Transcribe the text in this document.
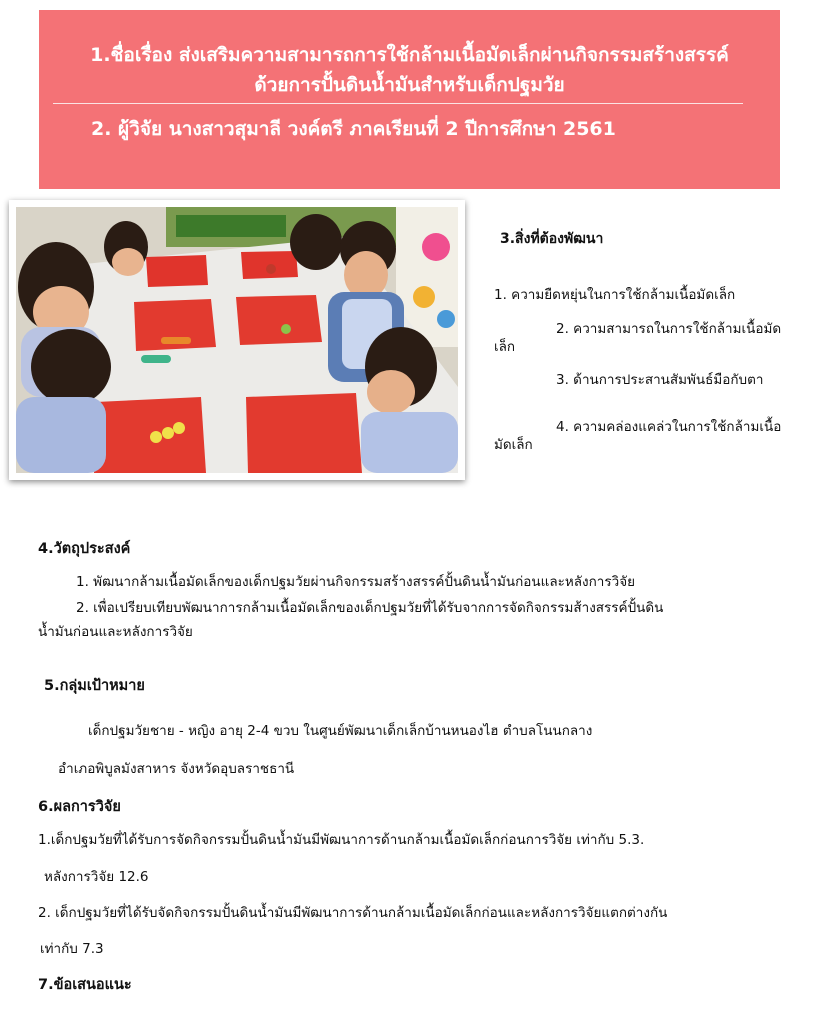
1.ชื่อเรื่อง ส่งเสริมความสามารถการใช้กล้ามเนื้อมัดเล็กผ่านกิจกรรมสร้างสรรค์
ด้วยการปั้นดินน้ำมันสำหรับเด็กปฐมวัย
2. ผู้วิจัย นางสาวสุมาลี วงค์ตรี ภาคเรียนที่ 2 ปีการศึกษา 2561
3.สิ่งที่ต้องพัฒนา
1. ความยืดหยุ่นในการใช้กล้ามเนื้อมัดเล็ก
2. ความสามารถในการใช้กล้ามเนื้อมัดเล็ก
3. ด้านการประสานสัมพันธ์มือกับตา
4. ความคล่องแคล่วในการใช้กล้ามเนื้อมัดเล็ก
4.วัตถุประสงค์
1. พัฒนากล้ามเนื้อมัดเล็กของเด็กปฐมวัยผ่านกิจกรรมสร้างสรรค์ปั้นดินน้ำมันก่อนและหลังการวิจัย
2. เพื่อเปรียบเทียบพัฒนาการกล้ามเนื้อมัดเล็กของเด็กปฐมวัยที่ได้รับจากการจัดกิจกรรมส้างสรรค์ปั้นดิน
น้ำมันก่อนและหลังการวิจัย
5.กลุ่มเป้าหมาย
เด็กปฐมวัยชาย - หญิง อายุ 2-4 ขวบ ในศูนย์พัฒนาเด็กเล็กบ้านหนองไฮ ตำบลโนนกลาง
อำเภอพิบูลมังสาหาร จังหวัดอุบลราชธานี
6.ผลการวิจัย
1.เด็กปฐมวัยที่ได้รับการจัดกิจกรรมปั้นดินน้ำมันมีพัฒนาการด้านกล้ามเนื้อมัดเล็กก่อนการวิจัย เท่ากับ 5.3.
หลังการวิจัย 12.6
2. เด็กปฐมวัยที่ได้รับจัดกิจกรรมปั้นดินน้ำมันมีพัฒนาการด้านกล้ามเนื้อมัดเล็กก่อนและหลังการวิจัยแตกต่างกัน
เท่ากับ 7.3
7.ข้อเสนอแนะ
